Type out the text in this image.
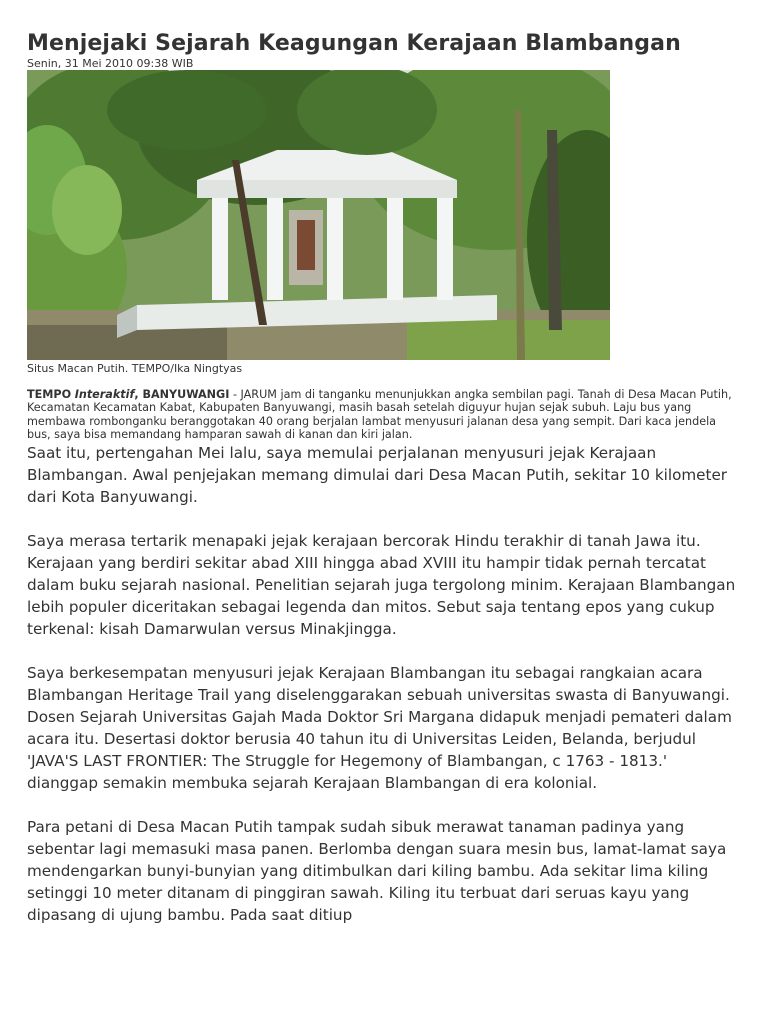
Menjejaki Sejarah Keagungan Kerajaan Blambangan
Senin, 31 Mei 2010 09:38 WIB
Situs Macan Putih. TEMPO/Ika Ningtyas
TEMPO Interaktif, BANYUWANGI - JARUM jam di tanganku menunjukkan angka sembilan pagi. Tanah di Desa Macan Putih, Kecamatan Kecamatan Kabat, Kabupaten Banyuwangi, masih basah setelah diguyur hujan sejak subuh. Laju bus yang membawa rombonganku beranggotakan 40 orang berjalan lambat menyusuri jalanan desa yang sempit. Dari kaca jendela bus, saya bisa memandang hamparan sawah di kanan dan kiri jalan.

Saat itu, pertengahan Mei lalu, saya memulai perjalanan menyusuri jejak Kerajaan Blambangan. Awal penjejakan memang dimulai dari Desa Macan Putih, sekitar 10 kilometer dari Kota Banyuwangi.

Saya merasa tertarik menapaki jejak kerajaan bercorak Hindu terakhir di tanah Jawa itu. Kerajaan yang berdiri sekitar abad XIII hingga abad XVIII itu hampir tidak pernah tercatat dalam buku sejarah nasional. Penelitian sejarah juga tergolong minim. Kerajaan Blambangan lebih populer diceritakan sebagai legenda dan mitos. Sebut saja tentang epos yang cukup terkenal: kisah Damarwulan versus Minakjingga.

Saya berkesempatan menyusuri jejak Kerajaan Blambangan itu sebagai rangkaian acara Blambangan Heritage Trail yang diselenggarakan sebuah universitas swasta di Banyuwangi. Dosen Sejarah Universitas Gajah Mada Doktor Sri Margana didapuk menjadi pemateri dalam acara itu. Desertasi doktor berusia 40 tahun itu di Universitas Leiden, Belanda, berjudul 'JAVA'S LAST FRONTIER: The Struggle for Hegemony of Blambangan, c 1763 - 1813.' dianggap semakin membuka sejarah Kerajaan Blambangan di era kolonial.

Para petani di Desa Macan Putih tampak sudah sibuk merawat tanaman padinya yang sebentar lagi memasuki masa panen. Berlomba dengan suara mesin bus, lamat-lamat saya mendengarkan bunyi-bunyian yang ditimbulkan dari kiling bambu. Ada sekitar lima kiling setinggi 10 meter ditanam di pinggiran sawah. Kiling itu terbuat dari seruas kayu yang dipasang di ujung bambu. Pada saat ditiup
